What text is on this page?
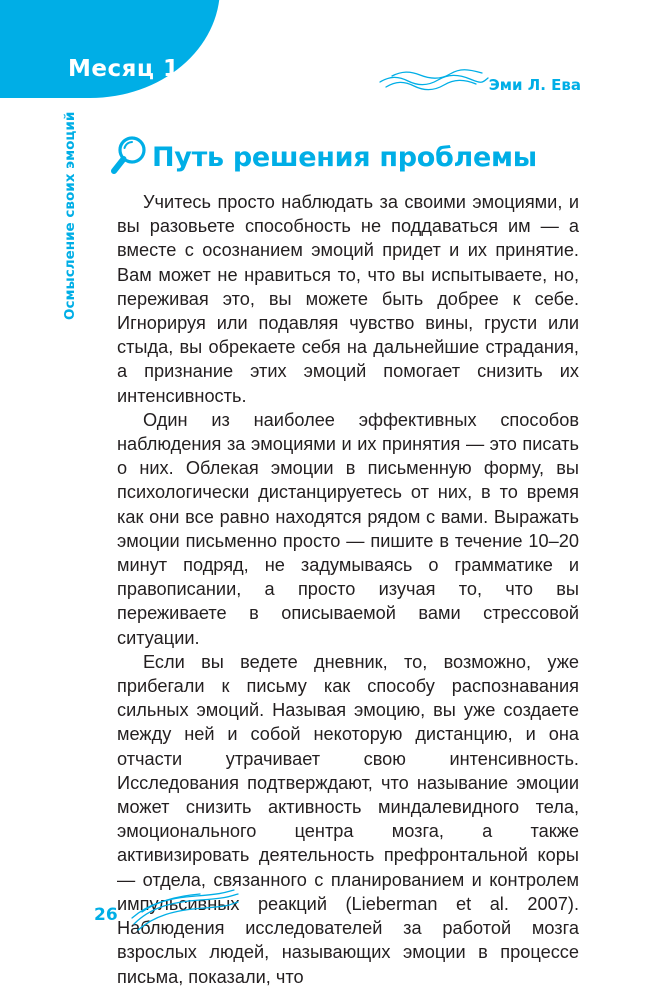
Месяц 1
Эми Л. Ева
Осмысление своих эмоций	Путь решения проблемы

Учитесь просто наблюдать за своими эмоциями, и вы разовьете способность не поддаваться им — а вместе с осознанием эмоций придет и их принятие. Вам может не нравиться то, что вы испытываете, но, переживая это, вы можете быть добрее к себе. Игнорируя или подавляя чувство вины, грусти или стыда, вы обрекаете себя на дальнейшие страдания, а признание этих эмоций помогает снизить их интенсивность.

Один из наиболее эффективных способов наблюдения за эмоциями и их принятия — это писать о них. Облекая эмоции в письменную форму, вы психологически дистанцируетесь от них, в то время как они все равно находятся рядом с вами. Выражать эмоции письменно просто — пишите в течение 10–20 минут подряд, не задумываясь о грамматике и правописании, а просто изучая то, что вы переживаете в описываемой вами стрессовой ситуации.

Если вы ведете дневник, то, возможно, уже прибегали к письму как способу распознавания сильных эмоций. Называя эмоцию, вы уже создаете между ней и собой некоторую дистанцию, и она отчасти утрачивает свою интенсивность. Исследования подтверждают, что называние эмоции может снизить активность миндалевидного тела, эмоционального центра мозга, а также активизировать деятельность префронтальной коры — отдела, связанного с планированием и контролем импульсивных реакций (Lieberman et al. 2007). Наблюдения исследователей за работой мозга взрослых людей, называющих эмоции в процессе письма, показали, что

26
